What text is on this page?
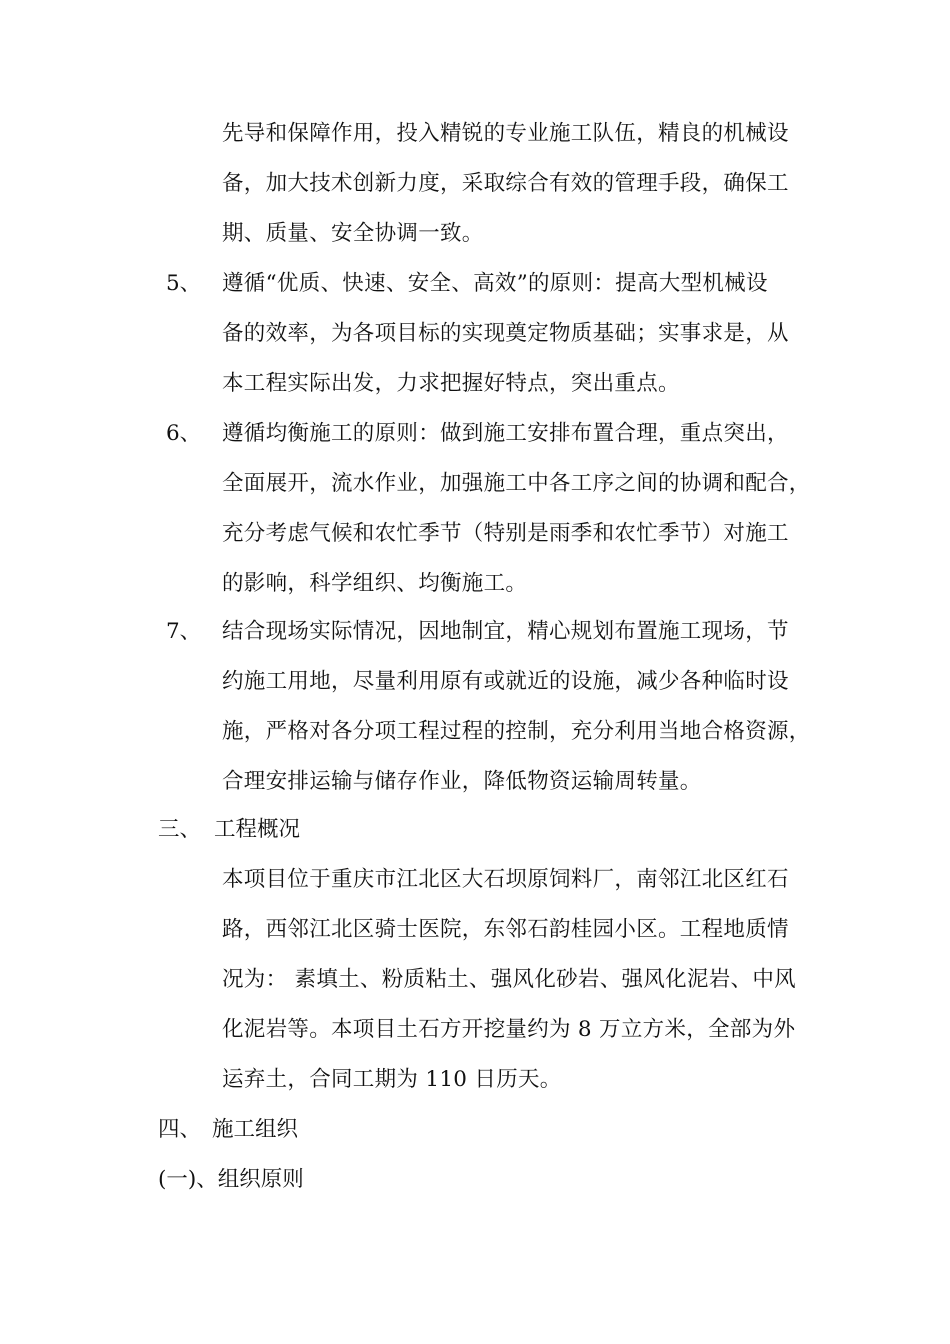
先导和保障作用，投入精锐的专业施工队伍，精良的机械设
备，加大技术创新力度，采取综合有效的管理手段，确保工
期、质量、安全协调一致。
5、 遵循“优质、快速、安全、高效”的原则：提高大型机械设
备的效率，为各项目标的实现奠定物质基础；实事求是，从
本工程实际出发，力求把握好特点，突出重点。
6、 遵循均衡施工的原则：做到施工安排布置合理，重点突出，
全面展开，流水作业，加强施工中各工序之间的协调和配合，
充分考虑气候和农忙季节（特别是雨季和农忙季节）对施工
的影响，科学组织、均衡施工。
7、 结合现场实际情况，因地制宜，精心规划布置施工现场，节
约施工用地，尽量利用原有或就近的设施，减少各种临时设
施，严格对各分项工程过程的控制，充分利用当地合格资源，
合理安排运输与储存作业，降低物资运输周转量。
三、 工程概况
本项目位于重庆市江北区大石坝原饲料厂，南邻江北区红石
路，西邻江北区骑士医院，东邻石韵桂园小区。工程地质情
况为： 素填土、粉质粘土、强风化砂岩、强风化泥岩、中风
化泥岩等。本项目土石方开挖量约为 8 万立方米，全部为外
运弃土，合同工期为 110 日历天。
四、 施工组织
(一)、组织原则
